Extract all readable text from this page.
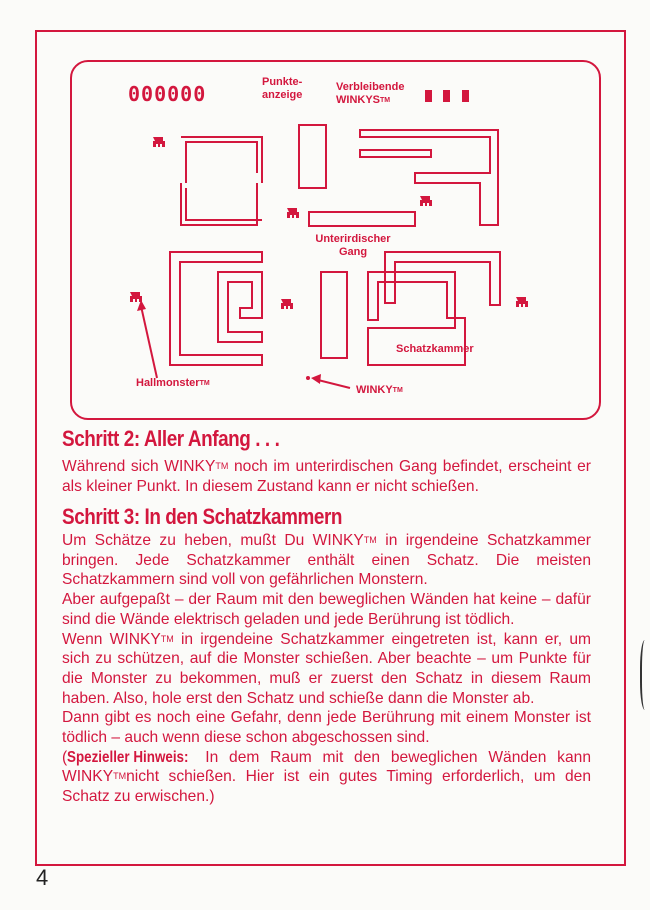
000000	Punkte-
anzeige
Verbleibende
WINKYS™
Unterirdischer
Gang
Schatzkammer
Hallmonster™
WINKY™
Schritt 2: Aller Anfang . . .

Während sich WINKY™ noch im unterirdischen Gang befindet, erscheint er als kleiner Punkt. In diesem Zustand kann er nicht schießen.

Schritt 3: In den Schatzkammern

Um Schätze zu heben, mußt Du WINKY™ in irgendeine Schatzkammer bringen. Jede Schatzkammer enthält einen Schatz. Die meisten Schatzkammern sind voll von gefährlichen Monstern.

Aber aufgepaßt – der Raum mit den beweglichen Wänden hat keine – dafür sind die Wände elektrisch geladen und jede Berührung ist tödlich.

Wenn WINKY™ in irgendeine Schatzkammer eingetreten ist, kann er, um sich zu schützen, auf die Monster schießen. Aber beachte – um Punkte für die Monster zu bekommen, muß er zuerst den Schatz in diesem Raum haben. Also, hole erst den Schatz und schieße dann die Monster ab.

Dann gibt es noch eine Gefahr, denn jede Berührung mit einem Monster ist tödlich – auch wenn diese schon abgeschossen sind.

(Spezieller Hinweis: In dem Raum mit den beweglichen Wänden kann WINKY™nicht schießen. Hier ist ein gutes Timing erforderlich, um den Schatz zu erwischen.)

4
